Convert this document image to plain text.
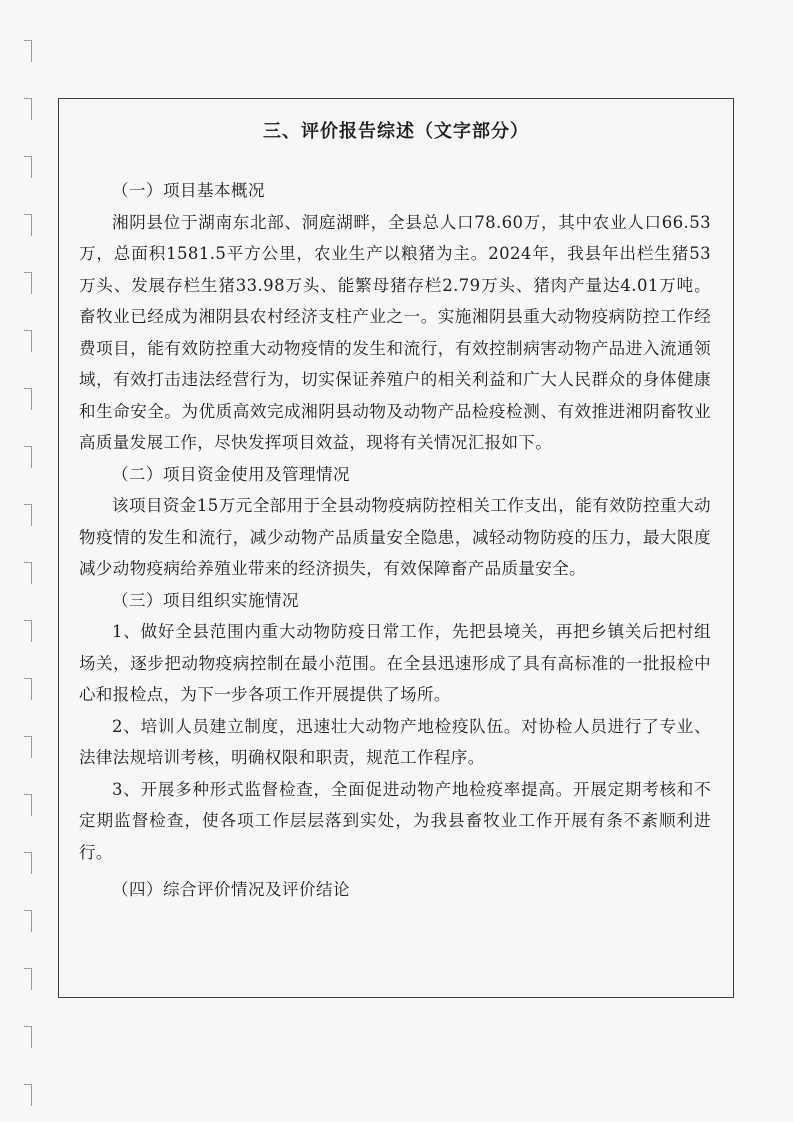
三、评价报告综述（文字部分）

（一）项目基本概况

湘阴县位于湖南东北部、洞庭湖畔，全县总人口78.60万，其中农业人口66.53万，总面积1581.5平方公里，农业生产以粮猪为主。2024年，我县年出栏生猪53万头、发展存栏生猪33.98万头、能繁母猪存栏2.79万头、猪肉产量达4.01万吨。畜牧业已经成为湘阴县农村经济支柱产业之一。实施湘阴县重大动物疫病防控工作经费项目，能有效防控重大动物疫情的发生和流行，有效控制病害动物产品进入流通领域，有效打击违法经营行为，切实保证养殖户的相关利益和广大人民群众的身体健康和生命安全。为优质高效完成湘阴县动物及动物产品检疫检测、有效推进湘阴畜牧业高质量发展工作，尽快发挥项目效益，现将有关情况汇报如下。

（二）项目资金使用及管理情况

该项目资金15万元全部用于全县动物疫病防控相关工作支出，能有效防控重大动物疫情的发生和流行，减少动物产品质量安全隐患，减轻动物防疫的压力，最大限度减少动物疫病给养殖业带来的经济损失，有效保障畜产品质量安全。

（三）项目组织实施情况

1、做好全县范围内重大动物防疫日常工作，先把县境关，再把乡镇关后把村组场关，逐步把动物疫病控制在最小范围。在全县迅速形成了具有高标准的一批报检中心和报检点，为下一步各项工作开展提供了场所。

2、培训人员建立制度，迅速壮大动物产地检疫队伍。对协检人员进行了专业、法律法规培训考核，明确权限和职责，规范工作程序。

3、开展多种形式监督检查，全面促进动物产地检疫率提高。开展定期考核和不定期监督检查，使各项工作层层落到实处，为我县畜牧业工作开展有条不紊顺利进行。

（四）综合评价情况及评价结论
